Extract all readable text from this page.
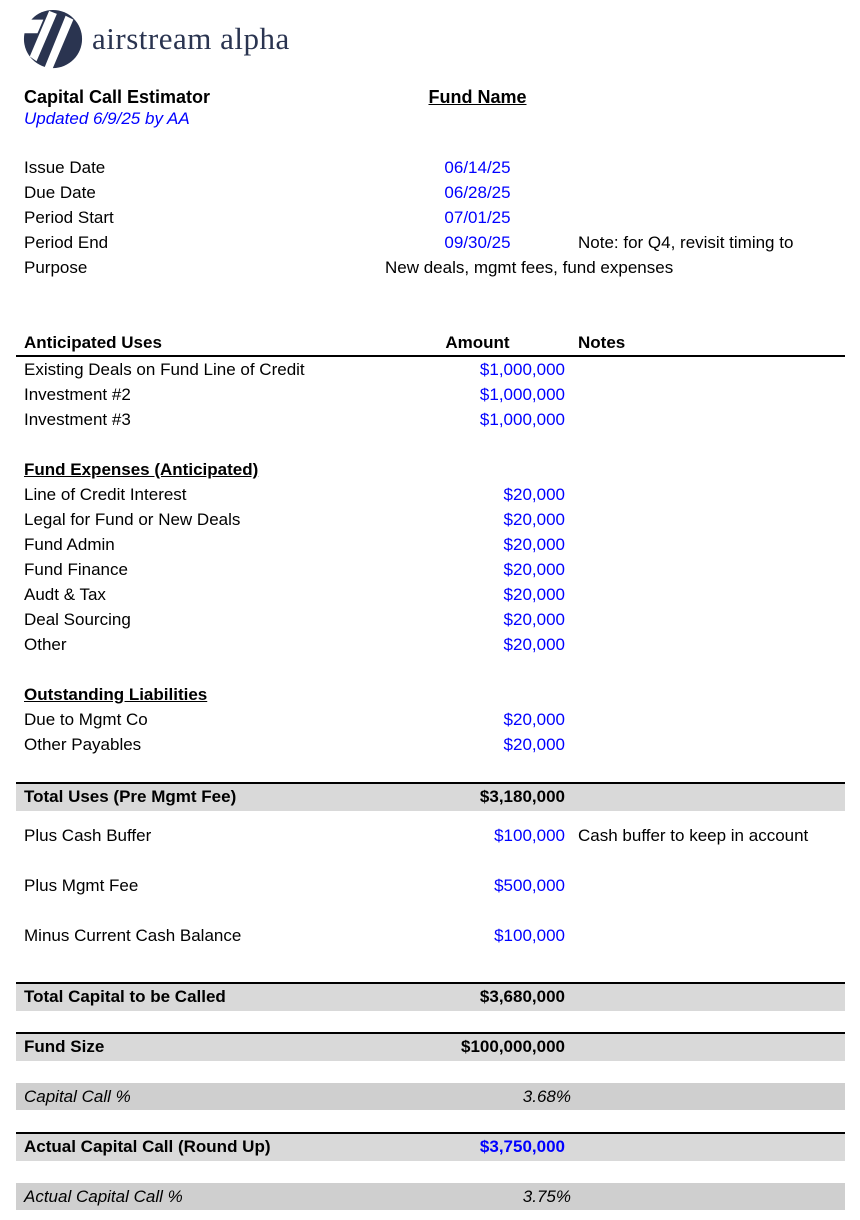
airstream alpha
Capital Call Estimator	Fund Name
Updated 6/9/25 by AA
Issue Date	06/14/25
Due Date	06/28/25
Period Start	07/01/25
Period End	09/30/25	Note: for Q4, revisit timing to
Purpose	New deals, mgmt fees, fund expenses
Anticipated Uses	Amount	Notes
Existing Deals on Fund Line of Credit	$1,000,000
Investment #2	$1,000,000
Investment #3	$1,000,000
Fund Expenses (Anticipated)
Line of Credit Interest	$20,000
Legal for Fund or New Deals	$20,000
Fund Admin	$20,000
Fund Finance	$20,000
Audt & Tax	$20,000
Deal Sourcing	$20,000
Other	$20,000
Outstanding Liabilities
Due to Mgmt Co	$20,000
Other Payables	$20,000
Total Uses (Pre Mgmt Fee)	$3,180,000
Plus Cash Buffer	$100,000 Cash buffer to keep in account
Plus Mgmt Fee	$500,000
Minus Current Cash Balance	$100,000
Total Capital to be Called	$3,680,000
Fund Size	$100,000,000
Capital Call %	3.68%
Actual Capital Call (Round Up)	$3,750,000
Actual Capital Call %	3.75%
